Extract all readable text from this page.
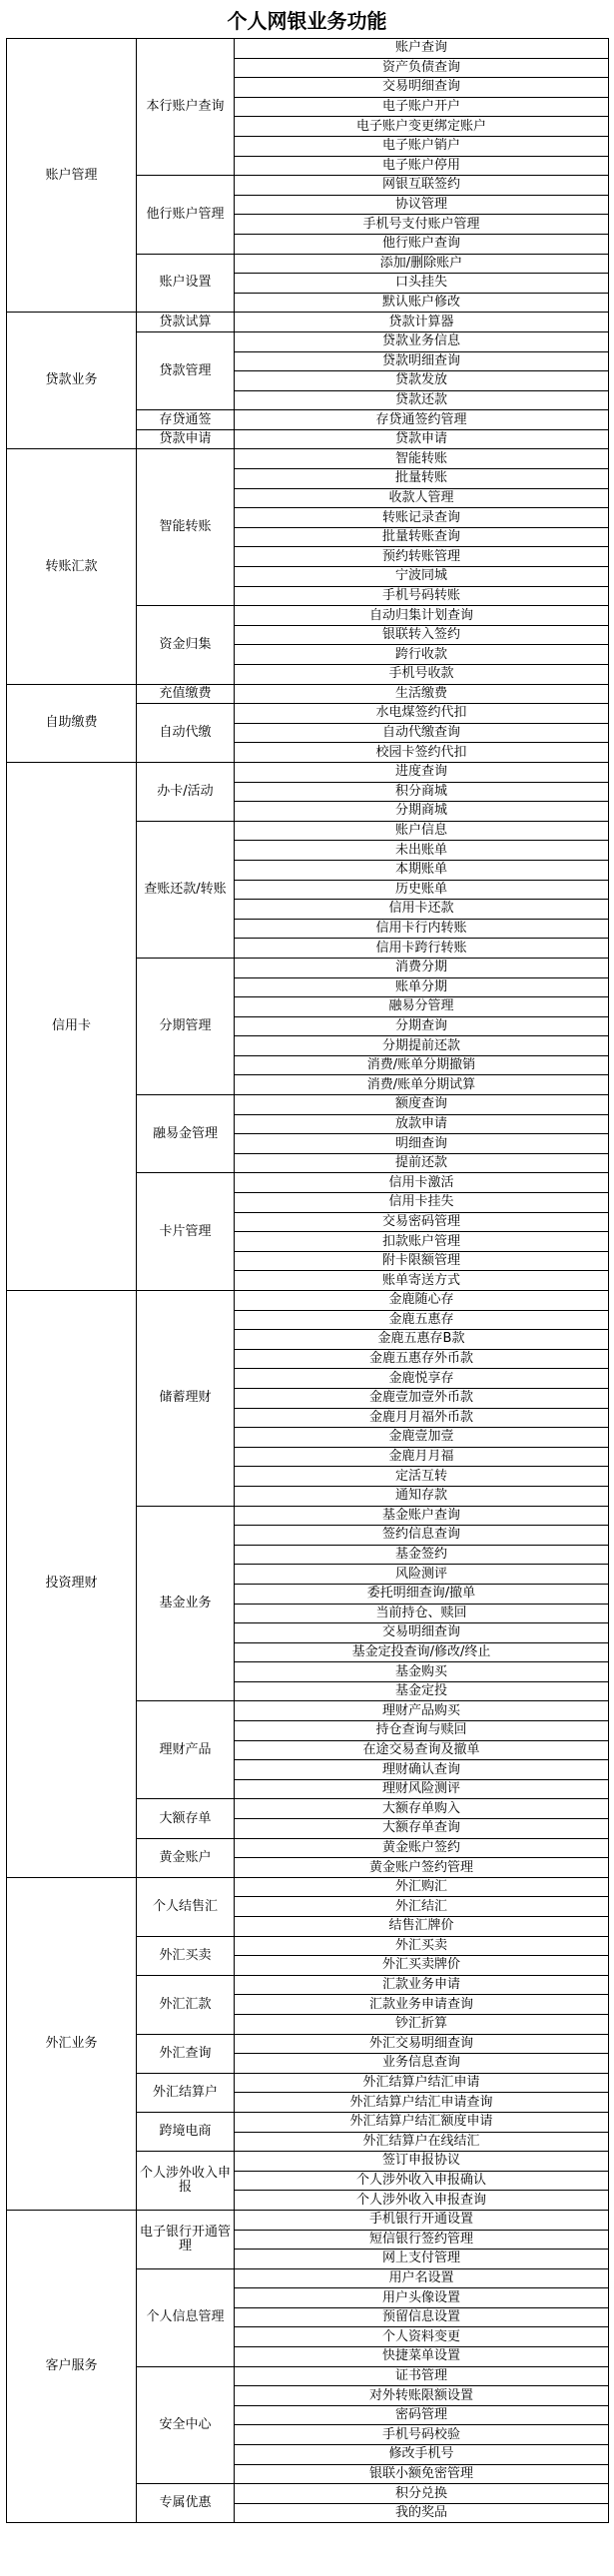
个人网银业务功能
账户管理	本行账户查询	账户查询
		资产负债查询
		交易明细查询
		电子账户开户
		电子账户变更绑定账户
		电子账户销户
		电子账户停用
	他行账户管理	网银互联签约
		协议管理
		手机号支付账户管理
		他行账户查询
	账户设置	添加/删除账户
		口头挂失
		默认账户修改
贷款业务	贷款试算	贷款计算器
	贷款管理	贷款业务信息
		贷款明细查询
		贷款发放
		贷款还款
	存贷通签	存贷通签约管理
	贷款申请	贷款申请
转账汇款	智能转账	智能转账
		批量转账
		收款人管理
		转账记录查询
		批量转账查询
		预约转账管理
		宁波同城
		手机号码转账
	资金归集	自动归集计划查询
		银联转入签约
		跨行收款
		手机号收款
自助缴费	充值缴费	生活缴费
	自动代缴	水电煤签约代扣
		自动代缴查询
		校园卡签约代扣
信用卡	办卡/活动	进度查询
		积分商城
		分期商城
	查账还款/转账	账户信息
		未出账单
		本期账单
		历史账单
		信用卡还款
		信用卡行内转账
		信用卡跨行转账
	分期管理	消费分期
		账单分期
		融易分管理
		分期查询
		分期提前还款
		消费/账单分期撤销
		消费/账单分期试算
	融易金管理	额度查询
		放款申请
		明细查询
		提前还款
	卡片管理	信用卡激活
		信用卡挂失
		交易密码管理
		扣款账户管理
		附卡限额管理
		账单寄送方式
投资理财	储蓄理财	金鹿随心存
		金鹿五惠存
		金鹿五惠存B款
		金鹿五惠存外币款
		金鹿悦享存
		金鹿壹加壹外币款
		金鹿月月福外币款
		金鹿壹加壹
		金鹿月月福
		定活互转
		通知存款
	基金业务	基金账户查询
		签约信息查询
		基金签约
		风险测评
		委托明细查询/撤单
		当前持仓、赎回
		交易明细查询
		基金定投查询/修改/终止
		基金购买
		基金定投
	理财产品	理财产品购买
		持仓查询与赎回
		在途交易查询及撤单
		理财确认查询
		理财风险测评
	大额存单	大额存单购入
		大额存单查询
	黄金账户	黄金账户签约
		黄金账户签约管理
外汇业务	个人结售汇	外汇购汇
		外汇结汇
		结售汇牌价
	外汇买卖	外汇买卖
		外汇买卖牌价
	外汇汇款	汇款业务申请
		汇款业务申请查询
		钞汇折算
	外汇查询	外汇交易明细查询
		业务信息查询
	外汇结算户	外汇结算户结汇申请
		外汇结算户结汇申请查询
	跨境电商	外汇结算户结汇额度申请
		外汇结算户在线结汇
	个人涉外收入申报	签订申报协议
		个人涉外收入申报确认
		个人涉外收入申报查询
客户服务	电子银行开通管理	手机银行开通设置
		短信银行签约管理
		网上支付管理
	个人信息管理	用户名设置
		用户头像设置
		预留信息设置
		个人资料变更
		快捷菜单设置
	安全中心	证书管理
		对外转账限额设置
		密码管理
		手机号码校验
		修改手机号
		银联小额免密管理
	专属优惠	积分兑换
		我的奖品
